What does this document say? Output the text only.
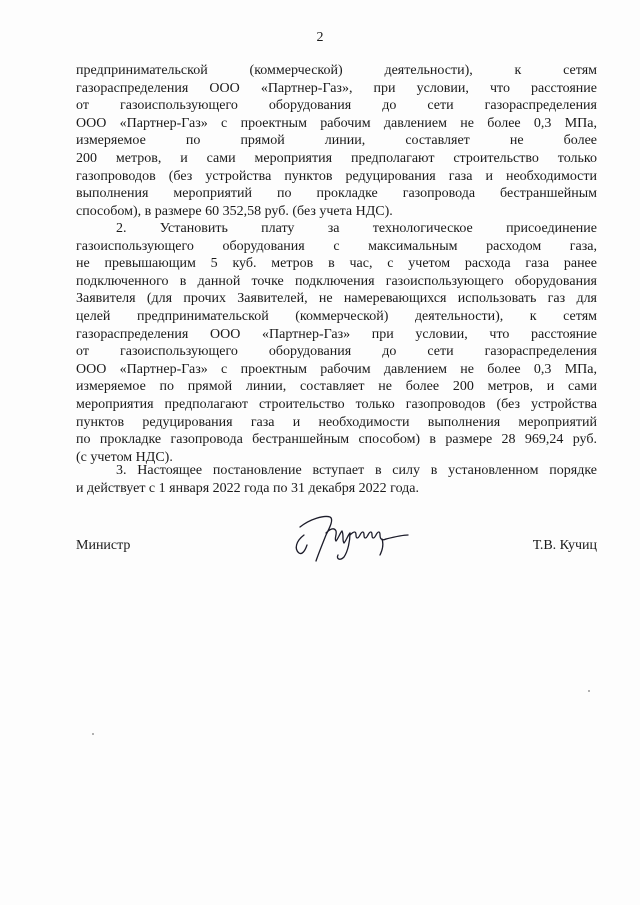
2
предпринимательской (коммерческой) деятельности), к сетям
газораспределения ООО «Партнер-Газ», при условии, что расстояние
от газоиспользующего оборудования до сети газораспределения
ООО «Партнер-Газ» с проектным рабочим давлением не более 0,3 МПа,
измеряемое по прямой линии, составляет не более
200 метров, и сами мероприятия предполагают строительство только
газопроводов (без устройства пунктов редуцирования газа и необходимости
выполнения мероприятий по прокладке газопровода бестраншейным
способом), в размере 60 352,58 руб. (без учета НДС).
2. Установить плату за технологическое присоединение
газоиспользующего оборудования с максимальным расходом газа,
не превышающим 5 куб. метров в час, с учетом расхода газа ранее
подключенного в данной точке подключения газоиспользующего оборудования
Заявителя (для прочих Заявителей, не намеревающихся использовать газ для
целей предпринимательской (коммерческой) деятельности), к сетям
газораспределения ООО «Партнер-Газ» при условии, что расстояние
от газоиспользующего оборудования до сети газораспределения
ООО «Партнер-Газ» с проектным рабочим давлением не более 0,3 МПа,
измеряемое по прямой линии, составляет не более 200 метров, и сами
мероприятия предполагают строительство только газопроводов (без устройства
пунктов редуцирования газа и необходимости выполнения мероприятий
по прокладке газопровода бестраншейным способом) в размере 28 969,24 руб.
(с учетом НДС).
3. Настоящее постановление вступает в силу в установленном порядке
и действует с 1 января 2022 года по 31 декабря 2022 года.
Министр	Т.В. Кучиц
